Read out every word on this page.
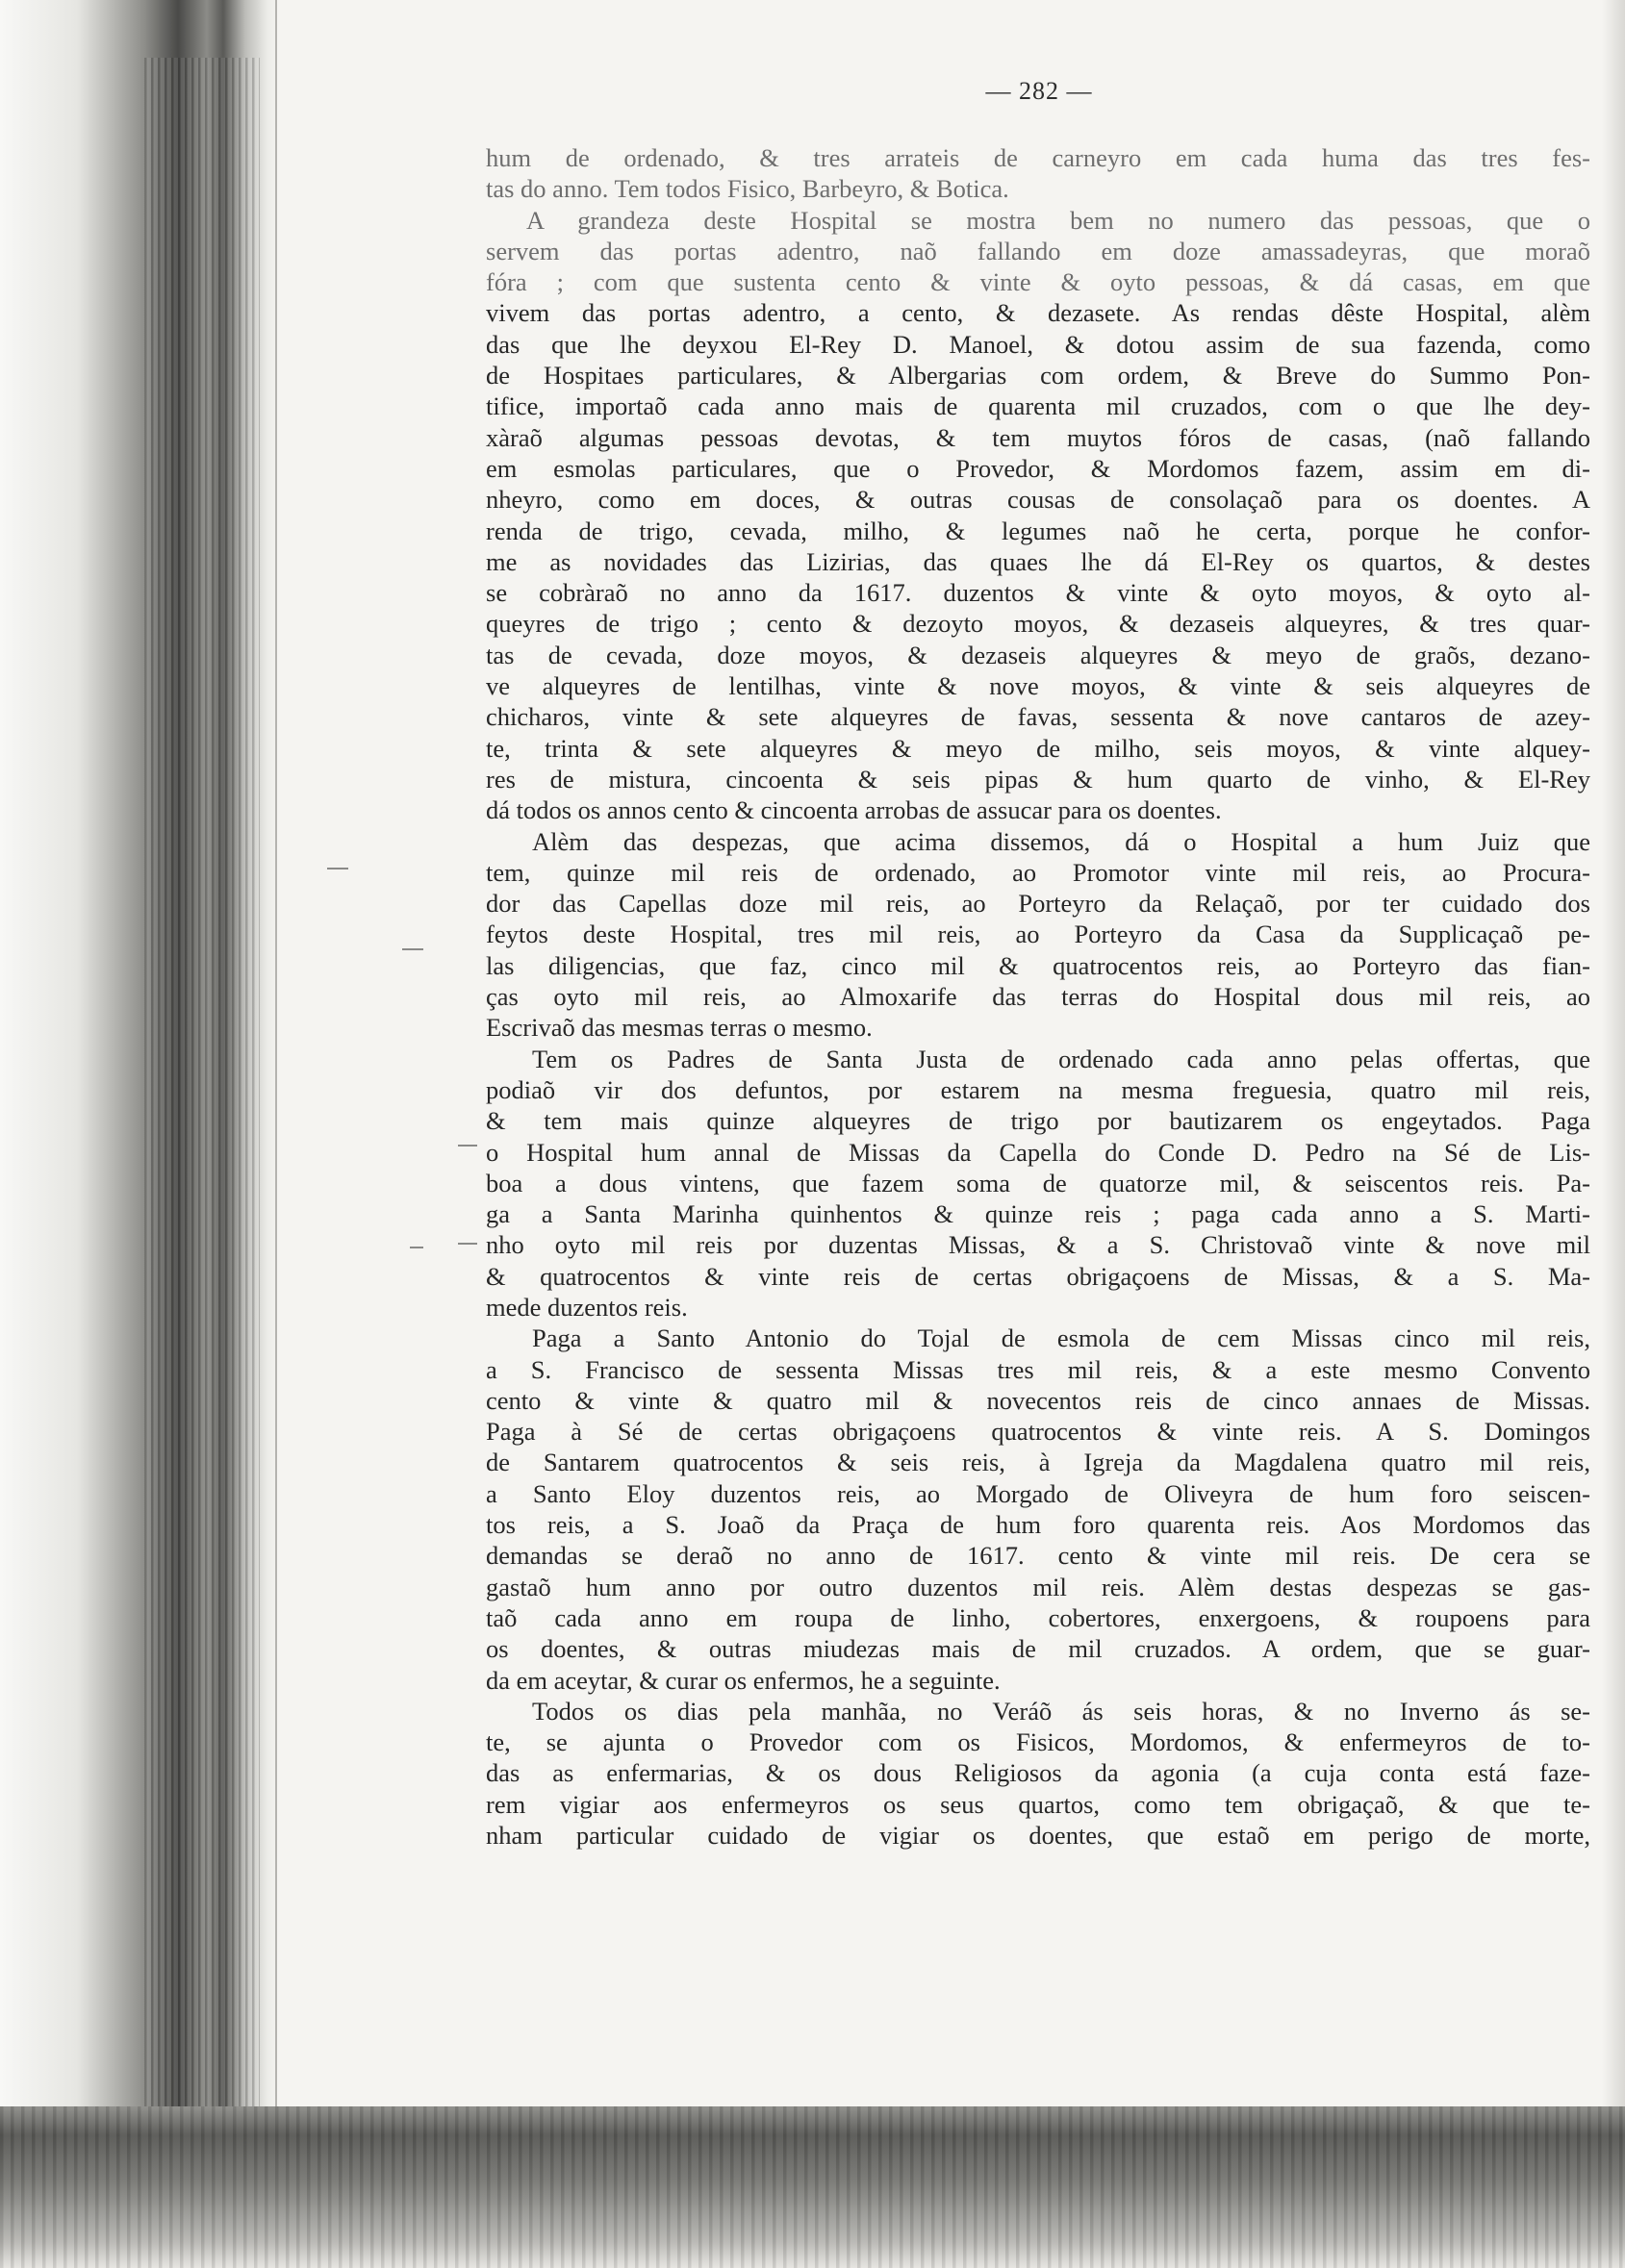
— 282 —
hum de ordenado, & tres arrateis de carneyro em cada huma das tres fes-
tas do anno. Tem todos Fisico, Barbeyro, & Botica.
A grandeza deste Hospital se mostra bem no numero das pessoas, que o
servem das portas adentro, naõ fallando em doze amassadeyras, que moraõ
fóra ; com que sustenta cento & vinte & oyto pessoas, & dá casas, em que
vivem das portas adentro, a cento, & dezasete. As rendas dêste Hospital, alèm
das que lhe deyxou El-Rey D. Manoel, & dotou assim de sua fazenda, como
de Hospitaes particulares, & Albergarias com ordem, & Breve do Summo Pon-
tifice, importaõ cada anno mais de quarenta mil cruzados, com o que lhe dey-
xàraõ algumas pessoas devotas, & tem muytos fóros de casas, (naõ fallando
em esmolas particulares, que o Provedor, & Mordomos fazem, assim em di-
nheyro, como em doces, & outras cousas de consolaçaõ para os doentes. A
renda de trigo, cevada, milho, & legumes naõ he certa, porque he confor-
me as novidades das Lizirias, das quaes lhe dá El-Rey os quartos, & destes
se cobràraõ no anno da 1617. duzentos & vinte & oyto moyos, & oyto al-
queyres de trigo ; cento & dezoyto moyos, & dezaseis alqueyres, & tres quar-
tas de cevada, doze moyos, & dezaseis alqueyres & meyo de graõs, dezano-
ve alqueyres de lentilhas, vinte & nove moyos, & vinte & seis alqueyres de
chicharos, vinte & sete alqueyres de favas, sessenta & nove cantaros de azey-
te, trinta & sete alqueyres & meyo de milho, seis moyos, & vinte alquey-
res de mistura, cincoenta & seis pipas & hum quarto de vinho, & El-Rey
dá todos os annos cento & cincoenta arrobas de assucar para os doentes.
Alèm das despezas, que acima dissemos, dá o Hospital a hum Juiz que
tem, quinze mil reis de ordenado, ao Promotor vinte mil reis, ao Procura-
dor das Capellas doze mil reis, ao Porteyro da Relaçaõ, por ter cuidado dos
feytos deste Hospital, tres mil reis, ao Porteyro da Casa da Supplicaçaõ pe-
las diligencias, que faz, cinco mil & quatrocentos reis, ao Porteyro das fian-
ças oyto mil reis, ao Almoxarife das terras do Hospital dous mil reis, ao
Escrivaõ das mesmas terras o mesmo.
Tem os Padres de Santa Justa de ordenado cada anno pelas offertas, que
podiaõ vir dos defuntos, por estarem na mesma freguesia, quatro mil reis,
& tem mais quinze alqueyres de trigo por bautizarem os engeytados. Paga
o Hospital hum annal de Missas da Capella do Conde D. Pedro na Sé de Lis-
boa a dous vintens, que fazem soma de quatorze mil, & seiscentos reis. Pa-
ga a Santa Marinha quinhentos & quinze reis ; paga cada anno a S. Marti-
nho oyto mil reis por duzentas Missas, & a S. Christovaõ vinte & nove mil
& quatrocentos & vinte reis de certas obrigaçoens de Missas, & a S. Ma-
mede duzentos reis.
Paga a Santo Antonio do Tojal de esmola de cem Missas cinco mil reis,
a S. Francisco de sessenta Missas tres mil reis, & a este mesmo Convento
cento & vinte & quatro mil & novecentos reis de cinco annaes de Missas.
Paga à Sé de certas obrigaçoens quatrocentos & vinte reis. A S. Domingos
de Santarem quatrocentos & seis reis, à Igreja da Magdalena quatro mil reis,
a Santo Eloy duzentos reis, ao Morgado de Oliveyra de hum foro seiscen-
tos reis, a S. Joaõ da Praça de hum foro quarenta reis. Aos Mordomos das
demandas se deraõ no anno de 1617. cento & vinte mil reis. De cera se
gastaõ hum anno por outro duzentos mil reis. Alèm destas despezas se gas-
taõ cada anno em roupa de linho, cobertores, enxergoens, & roupoens para
os doentes, & outras miudezas mais de mil cruzados. A ordem, que se guar-
da em aceytar, & curar os enfermos, he a seguinte.
Todos os dias pela manhãa, no Veráõ ás seis horas, & no Inverno ás se-
te, se ajunta o Provedor com os Fisicos, Mordomos, & enfermeyros de to-
das as enfermarias, & os dous Religiosos da agonia (a cuja conta está faze-
rem vigiar aos enfermeyros os seus quartos, como tem obrigaçaõ, & que te-
nham particular cuidado de vigiar os doentes, que estaõ em perigo de morte,
